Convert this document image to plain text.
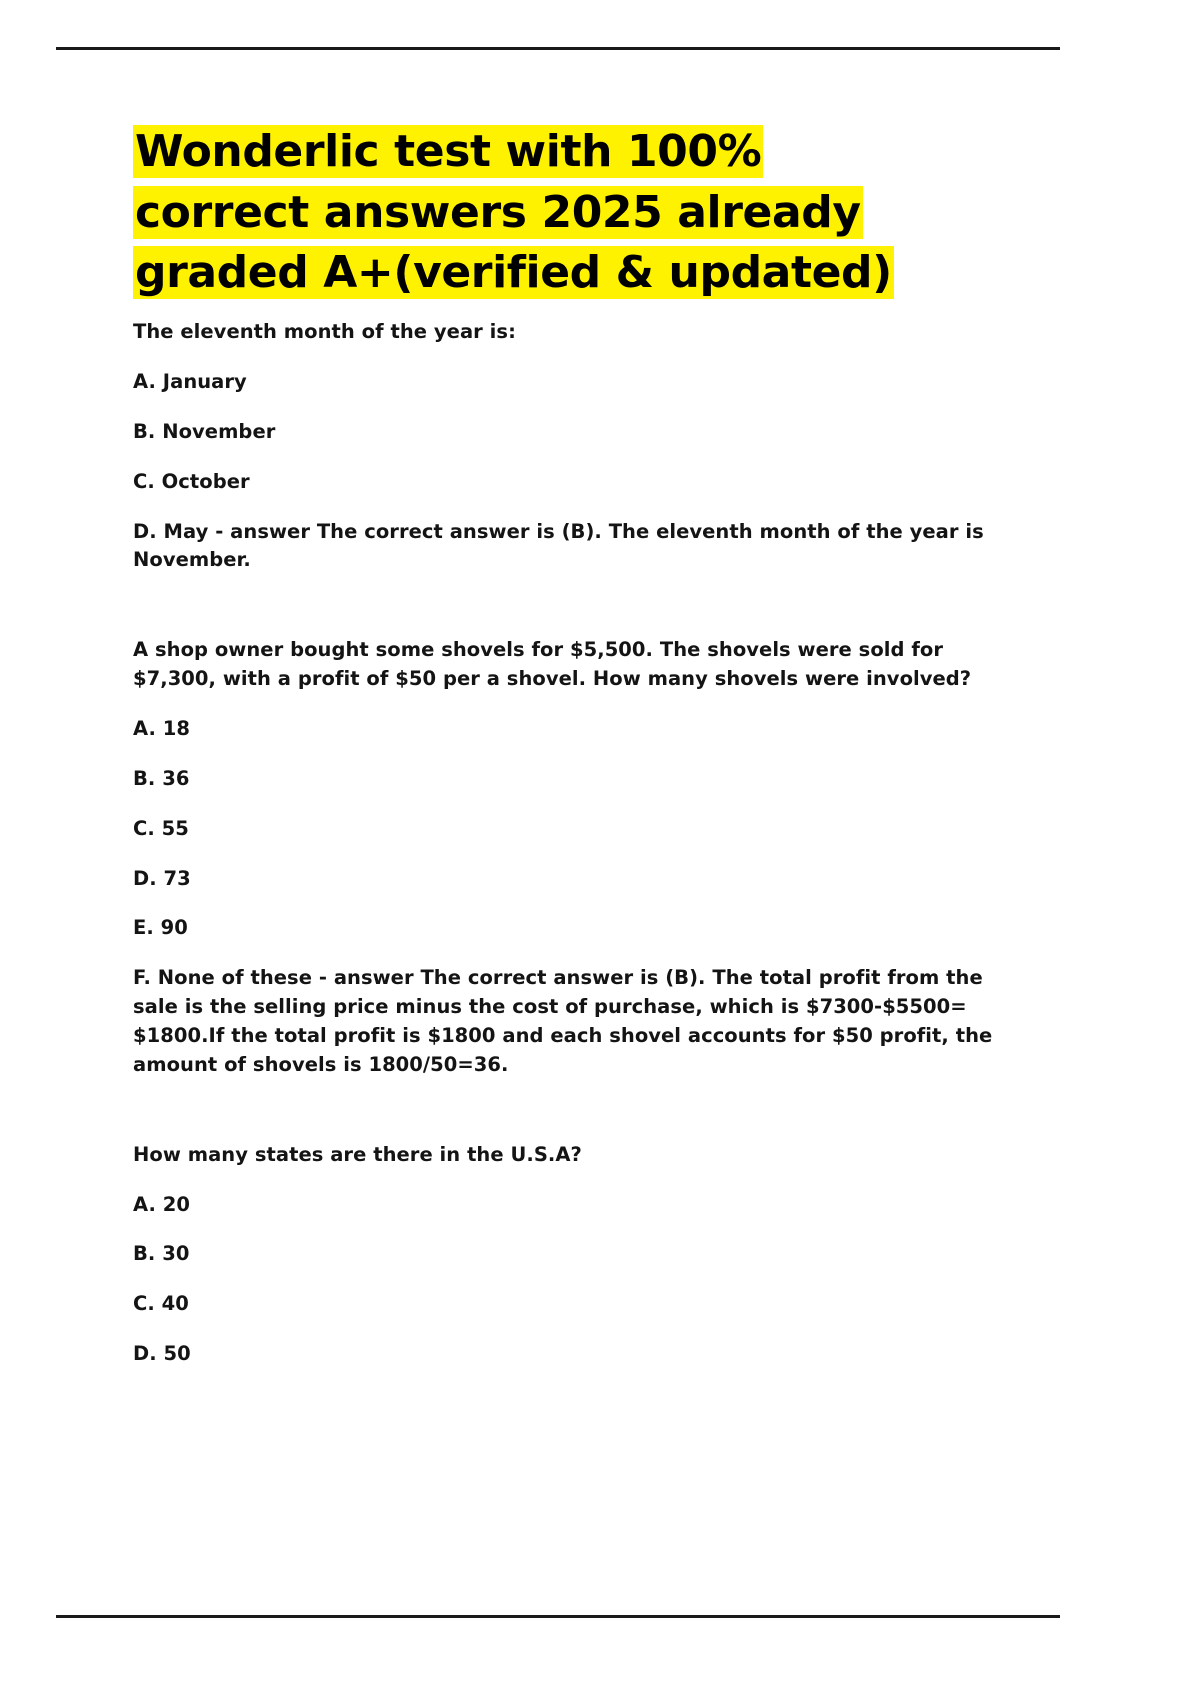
Wonderlic test with 100%
correct answers 2025 already
graded A+(verified & updated)

The eleventh month of the year is:

A. January

B. November

C. October

D. May - answer The correct answer is (B). The eleventh month of the year is November.

A shop owner bought some shovels for $5,500. The shovels were sold for $7,300, with a profit of $50 per a shovel. How many shovels were involved?

A. 18

B. 36

C. 55

D. 73

E. 90

F. None of these - answer The correct answer is (B). The total profit from the sale is the selling price minus the cost of purchase, which is $7300-$5500= $1800.If the total profit is $1800 and each shovel accounts for $50 profit, the amount of shovels is 1800/50=36.

How many states are there in the U.S.A?

A. 20

B. 30

C. 40

D. 50
